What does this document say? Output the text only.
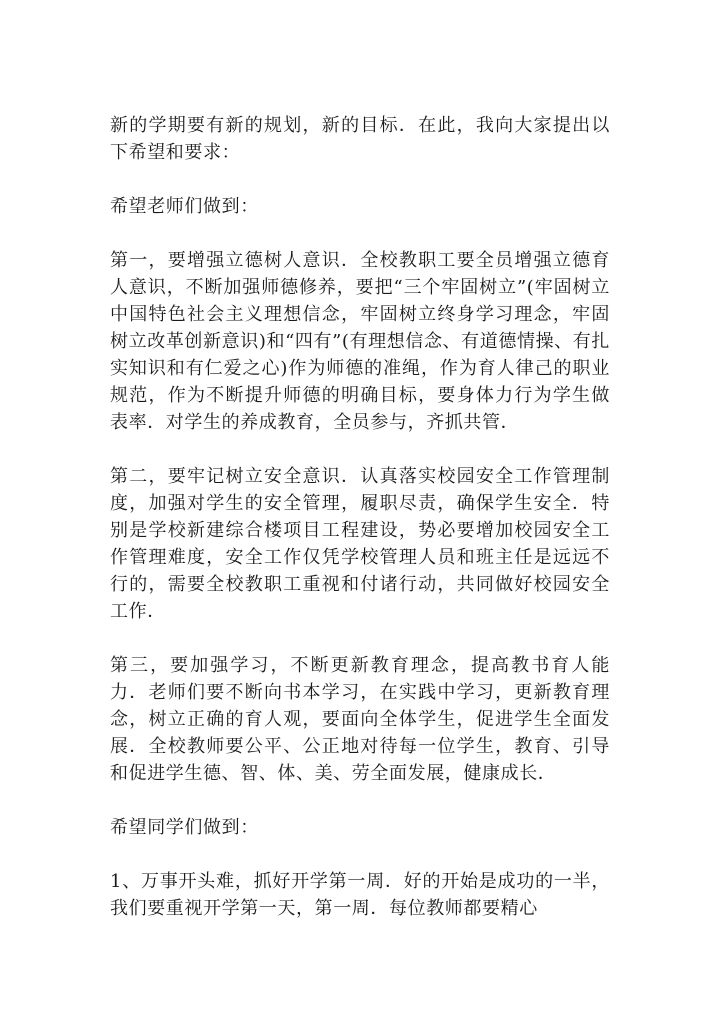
新的学期要有新的规划，新的目标．在此，我向大家提出以下希望和要求：

希望老师们做到：

第一，要增强立德树人意识．全校教职工要全员增强立德育人意识，不断加强师德修养，要把“三个牢固树立”(牢固树立中国特色社会主义理想信念，牢固树立终身学习理念，牢固树立改革创新意识)和“四有”(有理想信念、有道德情操、有扎实知识和有仁爱之心)作为师德的准绳，作为育人律己的职业规范，作为不断提升师德的明确目标，要身体力行为学生做表率．对学生的养成教育，全员参与，齐抓共管．

第二，要牢记树立安全意识．认真落实校园安全工作管理制度，加强对学生的安全管理，履职尽责，确保学生安全．特别是学校新建综合楼项目工程建设，势必要增加校园安全工作管理难度，安全工作仅凭学校管理人员和班主任是远远不行的，需要全校教职工重视和付诸行动，共同做好校园安全工作．

第三，要加强学习，不断更新教育理念，提高教书育人能力．老师们要不断向书本学习，在实践中学习，更新教育理念，树立正确的育人观，要面向全体学生，促进学生全面发展．全校教师要公平、公正地对待每一位学生，教育、引导和促进学生德、智、体、美、劳全面发展，健康成长．

希望同学们做到：

1、万事开头难，抓好开学第一周．好的开始是成功的一半，我们要重视开学第一天，第一周．每位教师都要精心
